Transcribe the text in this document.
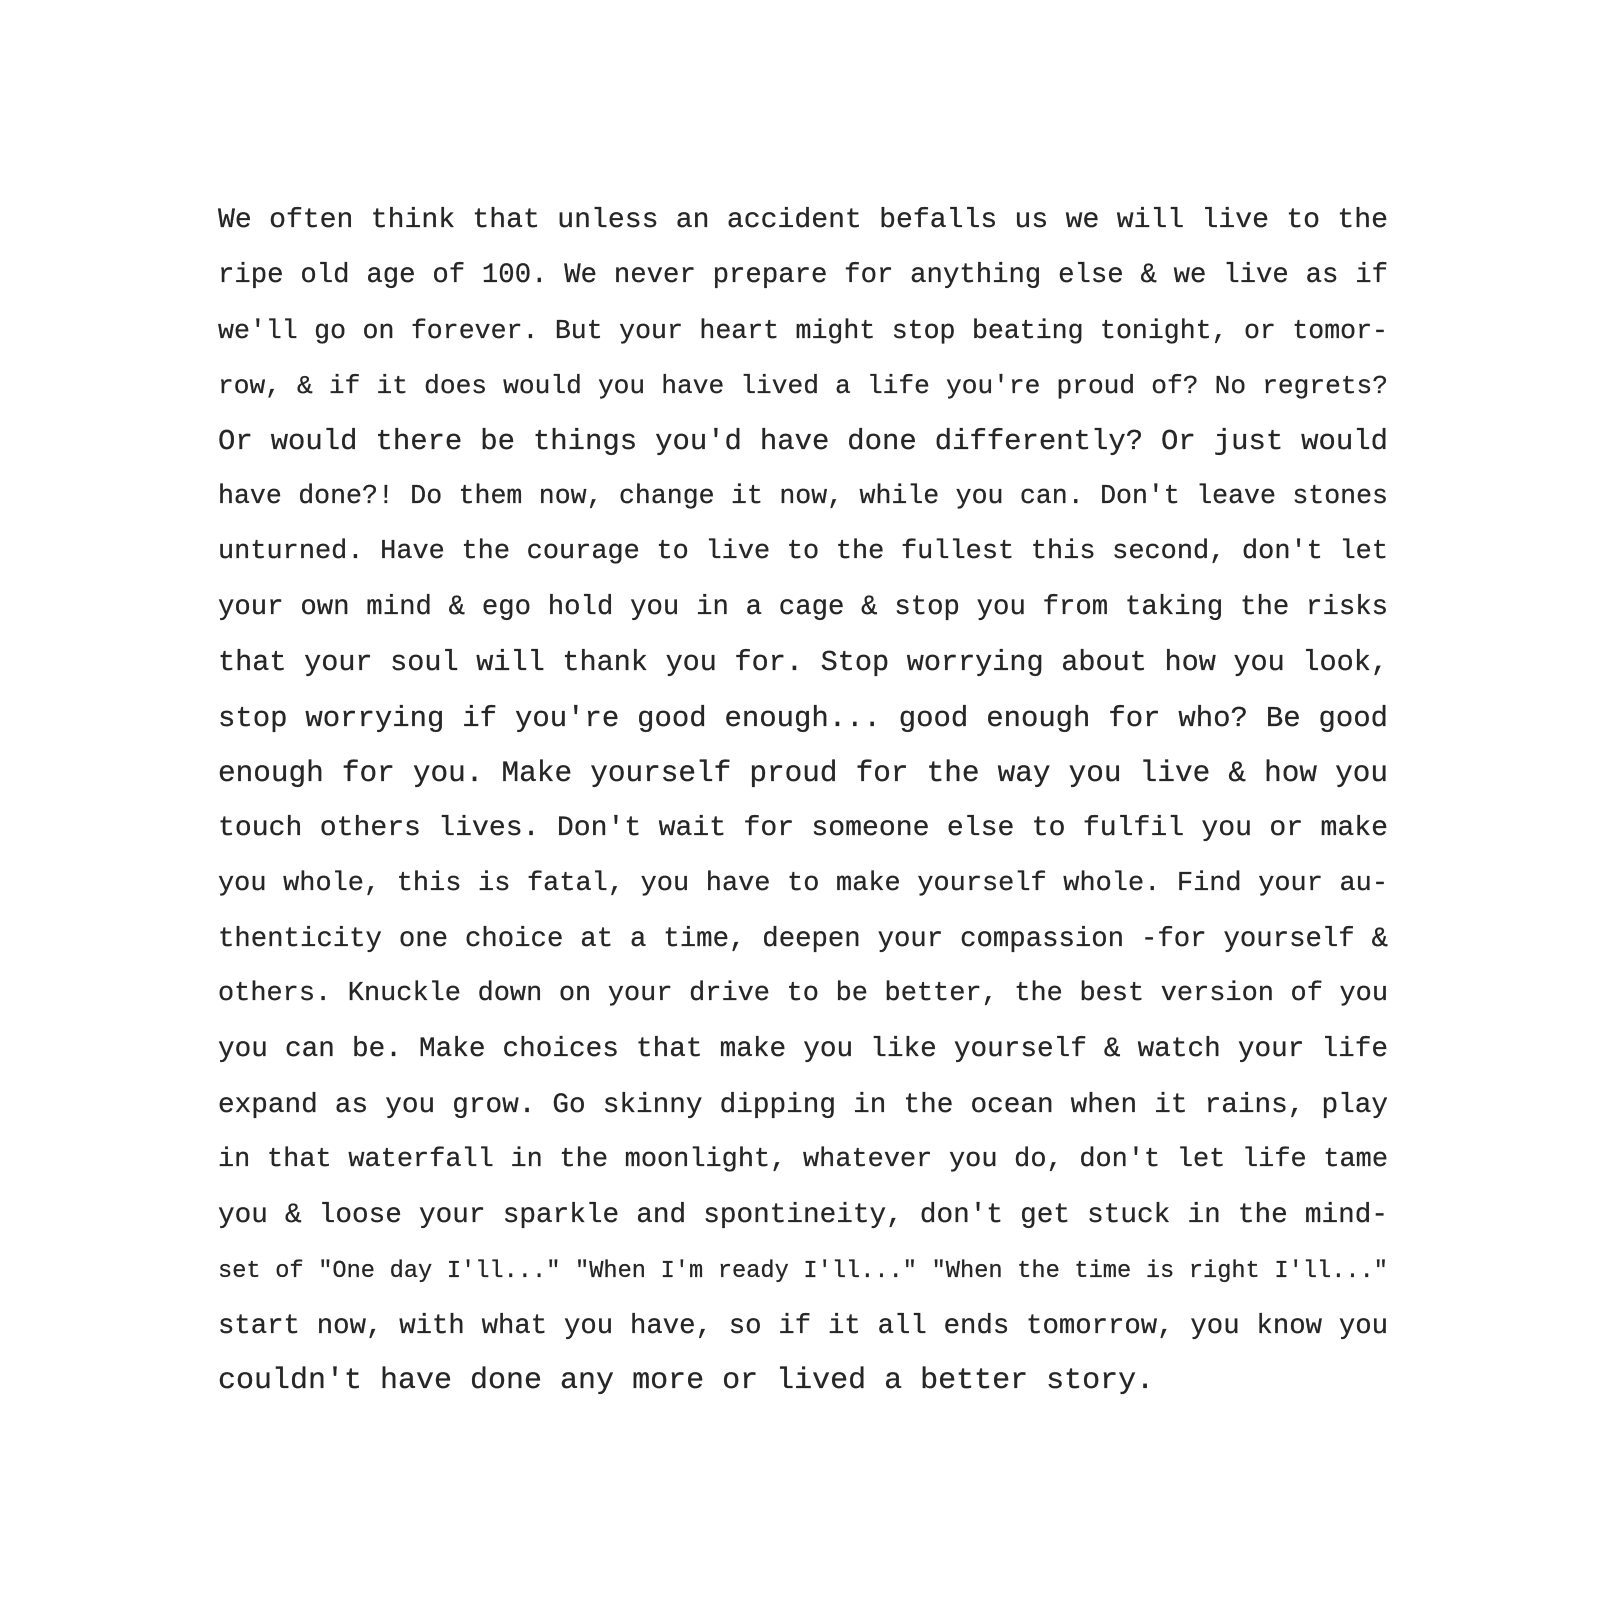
We often think that unless an accident befalls us we will live to the
ripe old age of 100. We never prepare for anything else & we live as if
we'll go on forever. But your heart might stop beating tonight, or tomor-
row, & if it does would you have lived a life you're proud of? No regrets?
Or would there be things you'd have done differently? Or just would
have done?! Do them now, change it now, while you can. Don't leave stones
unturned. Have the courage to live to the fullest this second, don't let
your own mind & ego hold you in a cage & stop you from taking the risks
that your soul will thank you for. Stop worrying about how you look,
stop worrying if you're good enough... good enough for who? Be good
enough for you. Make yourself proud for the way you live & how you
touch others lives. Don't wait for someone else to fulfil you or make
you whole, this is fatal, you have to make yourself whole. Find your au-
thenticity one choice at a time, deepen your compassion -for yourself &
others. Knuckle down on your drive to be better, the best version of you
you can be. Make choices that make you like yourself & watch your life
expand as you grow. Go skinny dipping in the ocean when it rains, play
in that waterfall in the moonlight, whatever you do, don't let life tame
you & loose your sparkle and spontineity, don't get stuck in the mind-
set of "One day I'll..." "When I'm ready I'll..." "When the time is right I'll..."
start now, with what you have, so if it all ends tomorrow, you know you
couldn't have done any more or lived a better story.
